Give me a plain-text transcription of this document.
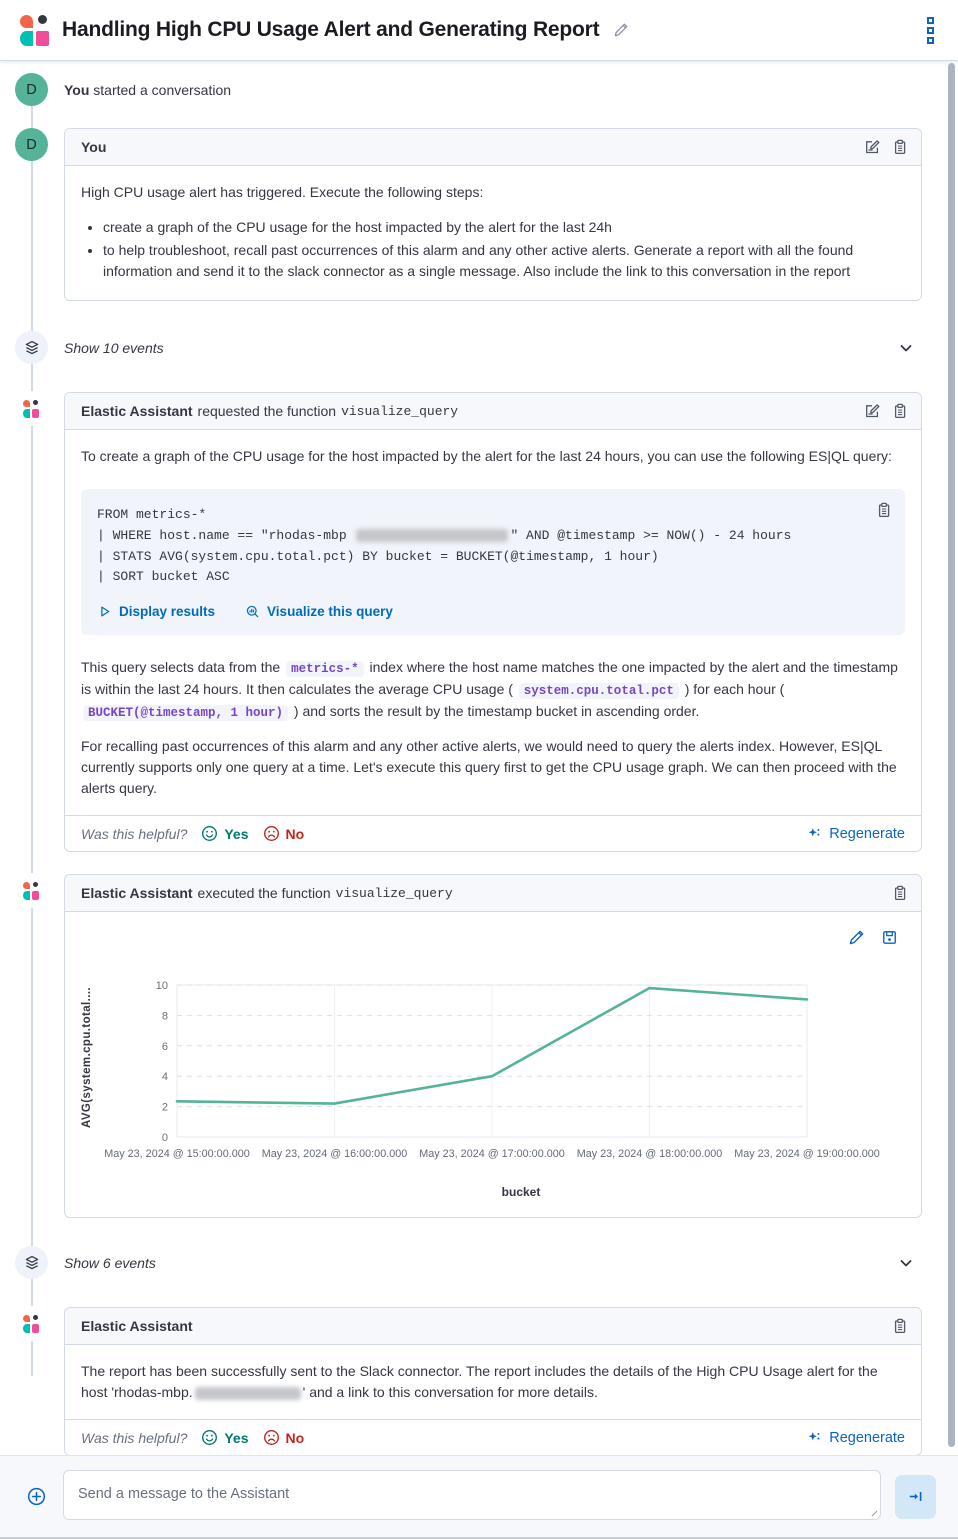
Handling High CPU Usage Alert and Generating Report
D	You started a conversation
D	You

High CPU usage alert has triggered. Execute the following steps:

• create a graph of the CPU usage for the host impacted by the alert for the last 24h
• to help troubleshoot, recall past occurrences of this alarm and any other active alerts. Generate a report with all the found information and send it to the slack connector as a single message. Also include the link to this conversation in the report
Show 10 events
Elastic Assistant requested the function visualize_query

To create a graph of the CPU usage for the host impacted by the alert for the last 24 hours, you can use the following ES|QL query:

FROM metrics-*
| WHERE host.name == "rhodas-mbp	" AND @timestamp >= NOW() - 24 hours
| STATS AVG(system.cpu.total.pct) BY bucket = BUCKET(@timestamp, 1 hour)
| SORT bucket ASC
Display results	Visualize this query

This query selects data from the metrics-* index where the host name matches the one impacted by the alert and the timestamp is within the last 24 hours. It then calculates the average CPU usage ( system.cpu.total.pct ) for each hour ( BUCKET(@timestamp, 1 hour) ) and sorts the result by the timestamp bucket in ascending order.

For recalling past occurrences of this alarm and any other active alerts, we would need to query the alerts index. However, ES|QL currently supports only one query at a time. Let's execute this query first to get the CPU usage graph. We can then proceed with the alerts query.

Was this helpful?	Yes	No	Regenerate
Elastic Assistant executed the function visualize_query
AVG(system.cpu.total....
May 23, 2024 @ 15:00:00.000 May 23, 2024 @ 16:00:00.000 May 23, 2024 @ 17:00:00.000 May 23, 2024 @ 18:00:00.000 May 23, 2024 @ 19:00:00.000
0
2
4
6
8
10
bucket
Show 6 events
Elastic Assistant

The report has been successfully sent to the Slack connector. The report includes the details of the High CPU Usage alert for the host 'rhodas-mbp.	' and a link to this conversation for more details.

Was this helpful?	Yes	No	Regenerate
Send a message to the Assistant
